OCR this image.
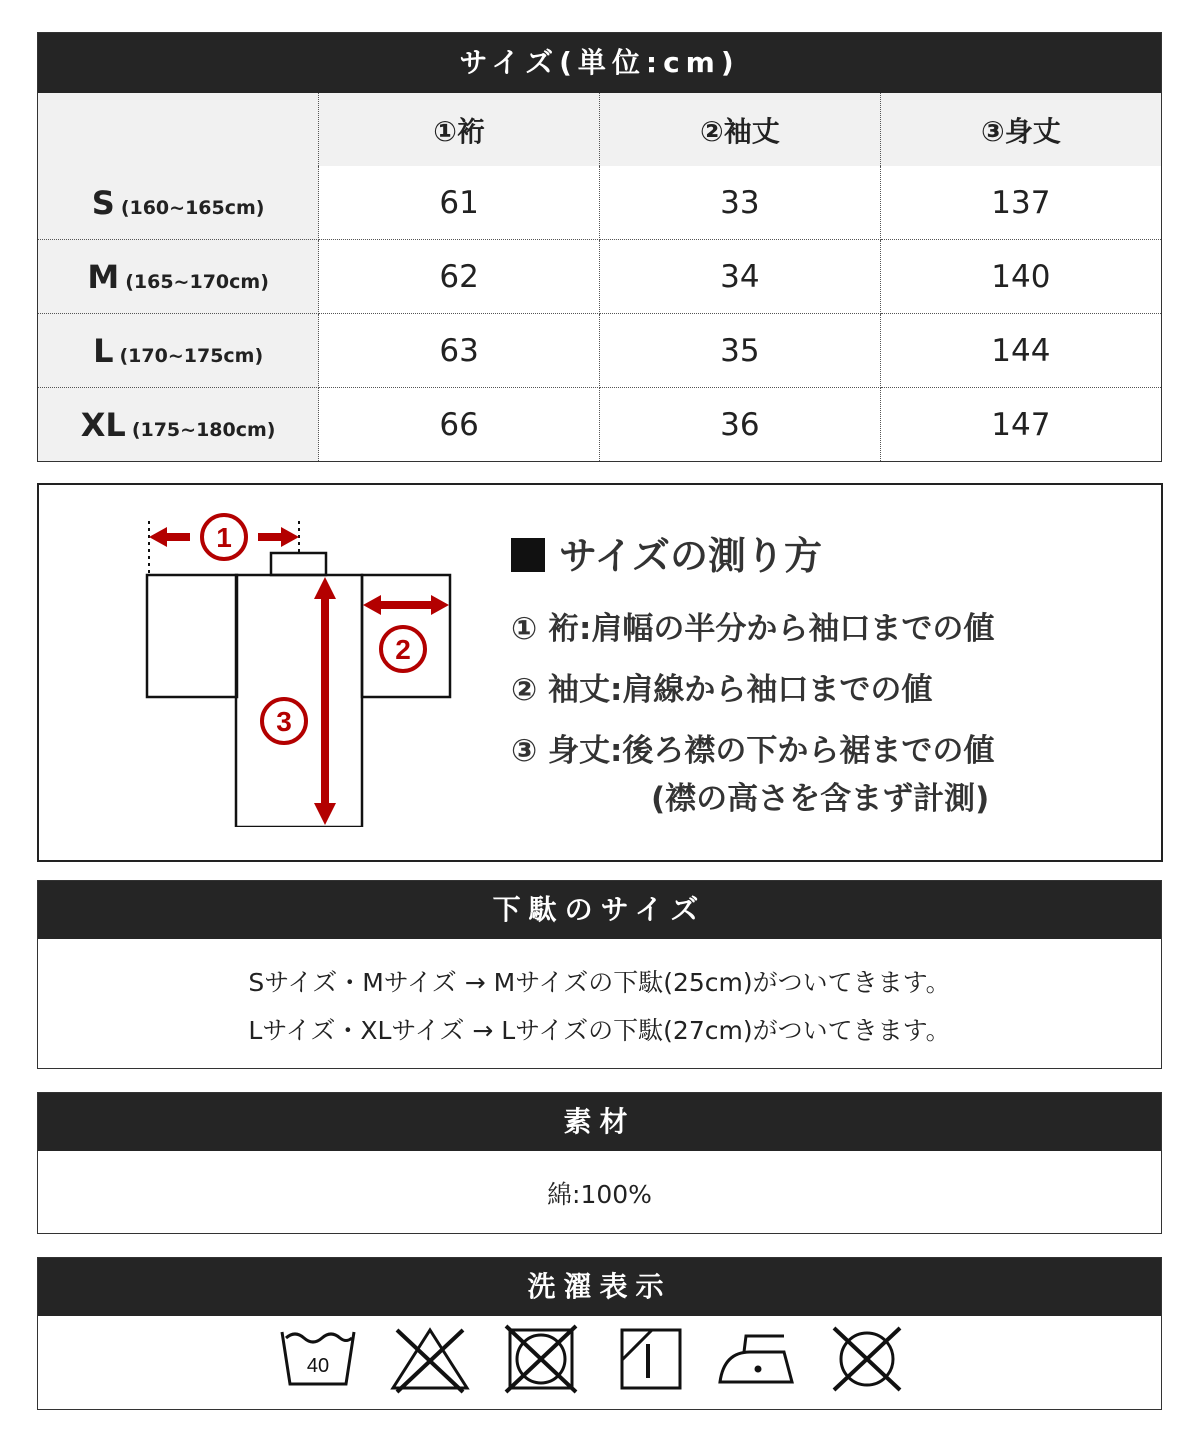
サイズ(単位:cm)
	①裄	②袖丈	③身丈
S (160~165cm)	61	33	137
M (165~170cm)	62	34	140
L (170~175cm)	63	35	144
XL (175~180cm)	66	36	147
1
2
3
サイズの測り方
① 裄:肩幅の半分から袖口までの値
② 袖丈:肩線から袖口までの値
③ 身丈:後ろ襟の下から裾までの値
(襟の高さを含まず計測)
下駄のサイズ
Sサイズ・Mサイズ → Mサイズの下駄(25cm)がついてきます。
Lサイズ・XLサイズ → Lサイズの下駄(27cm)がついてきます。
素材
綿:100%
洗濯表示
40
